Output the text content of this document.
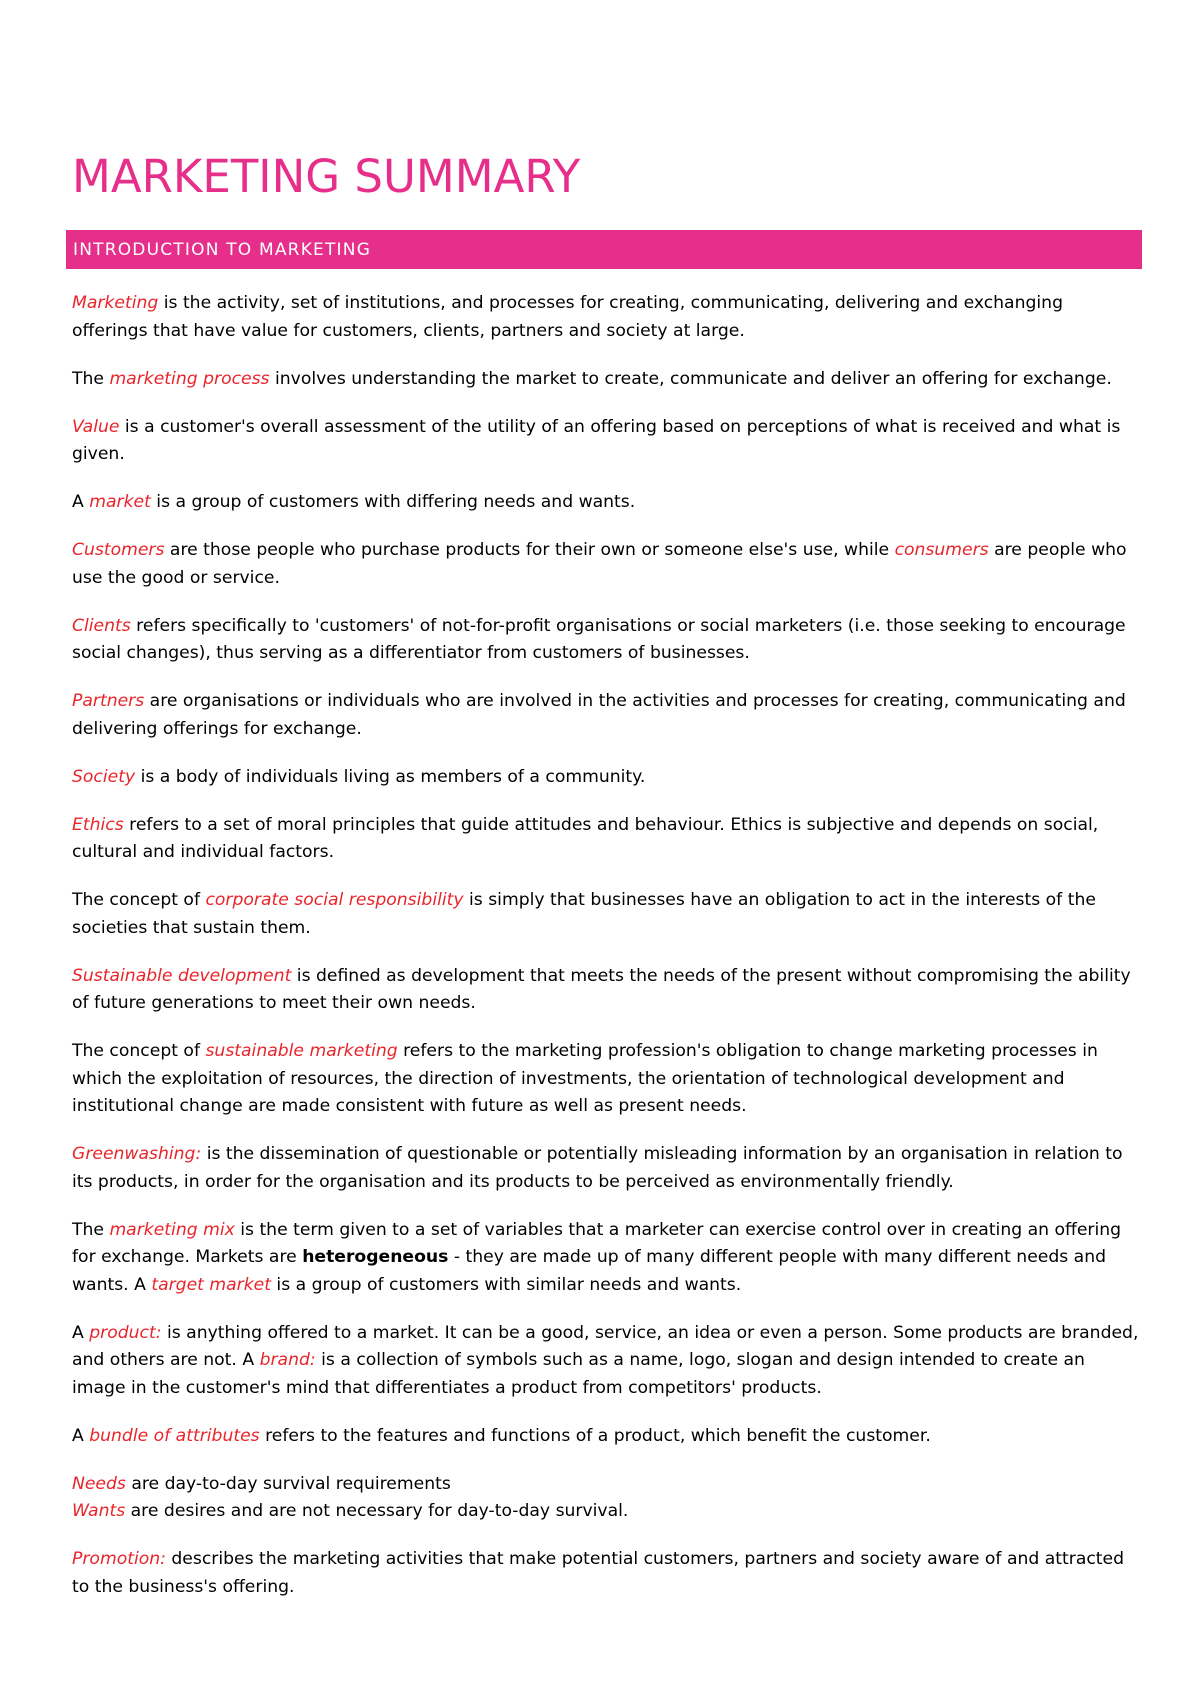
MARKETING SUMMARY
INTRODUCTION TO MARKETING

Marketing is the activity, set of institutions, and processes for creating, communicating, delivering and exchanging offerings that have value for customers, clients, partners and society at large.

The marketing process involves understanding the market to create, communicate and deliver an offering for exchange.

Value is a customer's overall assessment of the utility of an offering based on perceptions of what is received and what is given.

A market is a group of customers with differing needs and wants.

Customers are those people who purchase products for their own or someone else's use, while consumers are people who use the good or service.

Clients refers specifically to 'customers' of not-for-profit organisations or social marketers (i.e. those seeking to encourage social changes), thus serving as a differentiator from customers of businesses.

Partners are organisations or individuals who are involved in the activities and processes for creating, communicating and delivering offerings for exchange.

Society is a body of individuals living as members of a community.

Ethics refers to a set of moral principles that guide attitudes and behaviour. Ethics is subjective and depends on social, cultural and individual factors.

The concept of corporate social responsibility is simply that businesses have an obligation to act in the interests of the societies that sustain them.

Sustainable development is defined as development that meets the needs of the present without compromising the ability of future generations to meet their own needs.

The concept of sustainable marketing refers to the marketing profession's obligation to change marketing processes in which the exploitation of resources, the direction of investments, the orientation of technological development and institutional change are made consistent with future as well as present needs.

Greenwashing: is the dissemination of questionable or potentially misleading information by an organisation in relation to its products, in order for the organisation and its products to be perceived as environmentally friendly.

The marketing mix is the term given to a set of variables that a marketer can exercise control over in creating an offering for exchange. Markets are heterogeneous - they are made up of many different people with many different needs and wants. A target market is a group of customers with similar needs and wants.

A product: is anything offered to a market. It can be a good, service, an idea or even a person. Some products are branded, and others are not. A brand: is a collection of symbols such as a name, logo, slogan and design intended to create an image in the customer's mind that differentiates a product from competitors' products.

A bundle of attributes refers to the features and functions of a product, which benefit the customer.

Needs are day-to-day survival requirements

Wants are desires and are not necessary for day-to-day survival.

Promotion: describes the marketing activities that make potential customers, partners and society aware of and attracted to the business's offering.
